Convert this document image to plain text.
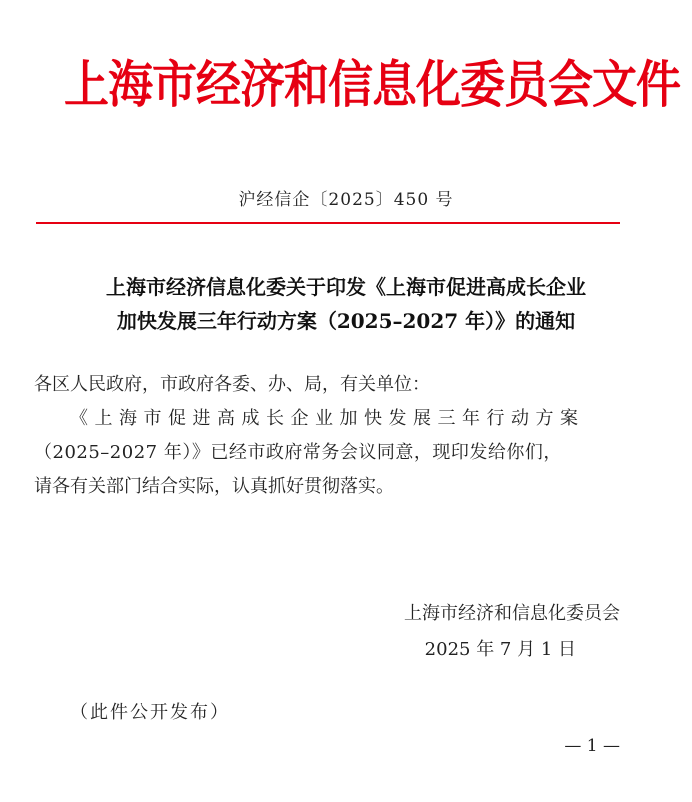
上海市经济和信息化委员会文件
沪经信企〔2025〕450 号
上海市经济信息化委关于印发《上海市促进高成长企业
加快发展三年行动方案（2025–2027 年）》的通知

各区人民政府，市政府各委、办、局，有关单位：

《上海市促进高成长企业加快发展三年行动方案
（2025–2027 年）》已经市政府常务会议同意，现印发给你们，
请各有关部门结合实际，认真抓好贯彻落实。

上海市经济和信息化委员会
2025 年 7 月 1 日
（此件公开发布）
— 1 —
